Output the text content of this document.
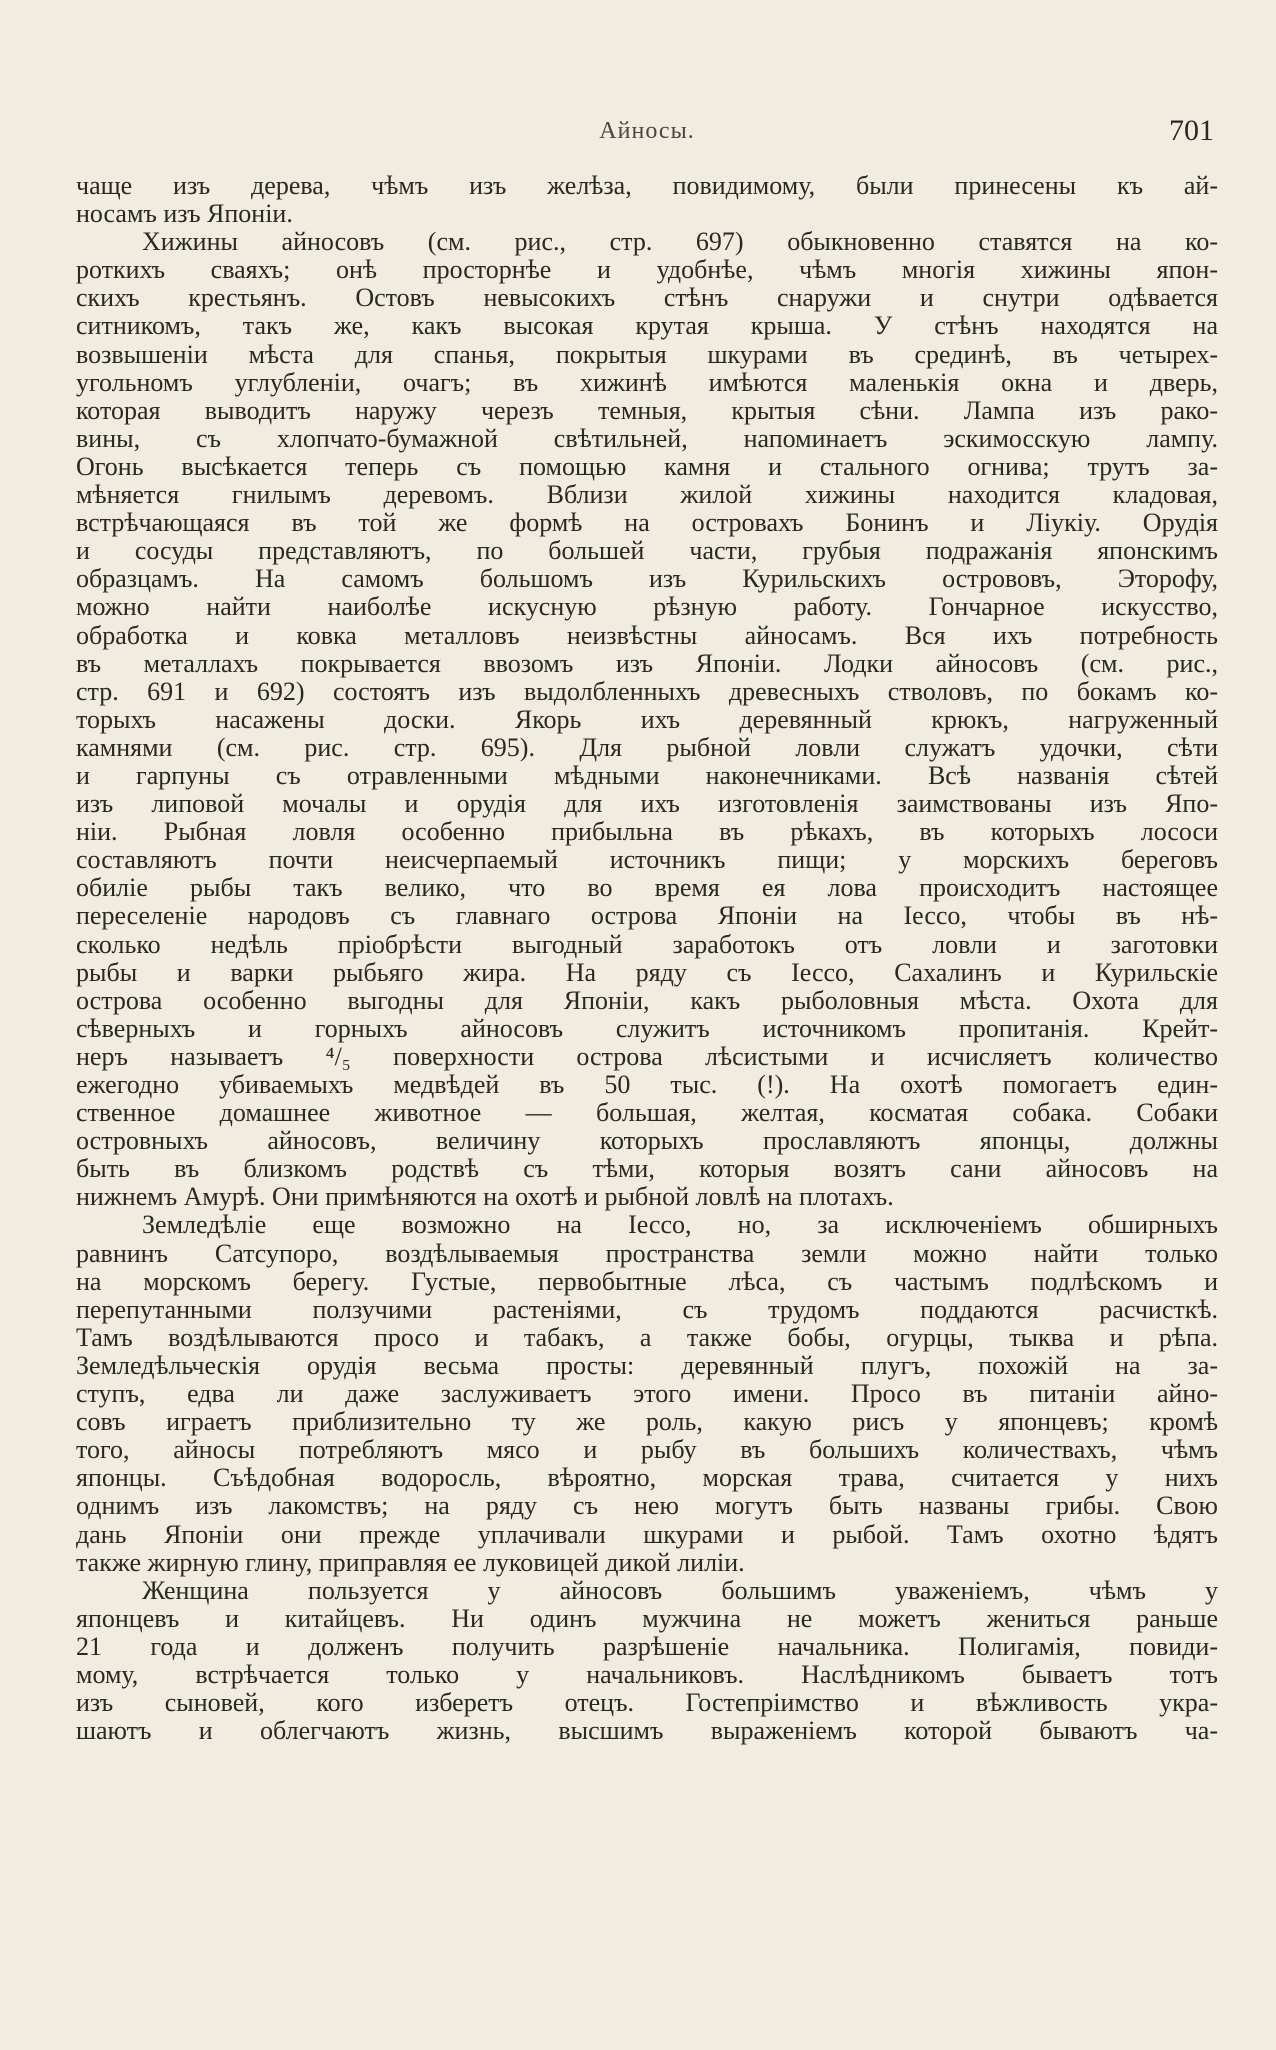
Айносы.	701
чаще изъ дерева, чѣмъ изъ желѣза, повидимому, были принесены къ ай-
носамъ изъ Японіи.
Хижины айносовъ (см. рис., стр. 697) обыкновенно ставятся на ко-
роткихъ сваяхъ; онѣ просторнѣе и удобнѣе, чѣмъ многія хижины япон-
скихъ крестьянъ. Остовъ невысокихъ стѣнъ снаружи и снутри одѣвается
ситникомъ, такъ же, какъ высокая крутая крыша. У стѣнъ находятся на
возвышеніи мѣста для спанья, покрытыя шкурами въ срединѣ, въ четырех-
угольномъ углубленіи, очагъ; въ хижинѣ имѣются маленькія окна и дверь,
которая выводитъ наружу черезъ темныя, крытыя сѣни. Лампа изъ рако-
вины, съ хлопчато-бумажной свѣтильней, напоминаетъ эскимосскую лампу.
Огонь высѣкается теперь съ помощью камня и стального огнива; трутъ за-
мѣняется гнилымъ деревомъ. Вблизи жилой хижины находится кладовая,
встрѣчающаяся въ той же формѣ на островахъ Бонинъ и Ліукіу. Орудія
и сосуды представляютъ, по большей части, грубыя подражанія японскимъ
образцамъ. На самомъ большомъ изъ Курильскихъ острововъ, Эторофу,
можно найти наиболѣе искусную рѣзную работу. Гончарное искусство,
обработка и ковка металловъ неизвѣстны айносамъ. Вся ихъ потребность
въ металлахъ покрывается ввозомъ изъ Японіи. Лодки айносовъ (см. рис.,
стр. 691 и 692) состоятъ изъ выдолбленныхъ древесныхъ стволовъ, по бокамъ ко-
торыхъ насажены доски. Якорь ихъ деревянный крюкъ, нагруженный
камнями (см. рис. стр. 695). Для рыбной ловли служатъ удочки, сѣти
и гарпуны съ отравленными мѣдными наконечниками. Всѣ названія сѣтей
изъ липовой мочалы и орудія для ихъ изготовленія заимствованы изъ Япо-
ніи. Рыбная ловля особенно прибыльна въ рѣкахъ, въ которыхъ лососи
составляютъ почти неисчерпаемый источникъ пищи; у морскихъ береговъ
обиліе рыбы такъ велико, что во время ея лова происходитъ настоящее
переселеніе народовъ съ главнаго острова Японіи на Іессо, чтобы въ нѣ-
сколько недѣль пріобрѣсти выгодный заработокъ отъ ловли и заготовки
рыбы и варки рыбьяго жира. На ряду съ Іессо, Сахалинъ и Курильскіе
острова особенно выгодны для Японіи, какъ рыболовныя мѣста. Охота для
сѣверныхъ и горныхъ айносовъ служитъ источникомъ пропитанія. Крейт-
неръ называетъ ⁴/₅ поверхности острова лѣсистыми и исчисляетъ количество
ежегодно убиваемыхъ медвѣдей въ 50 тыс. (!). На охотѣ помогаетъ един-
ственное домашнее животное — большая, желтая, косматая собака. Собаки
островныхъ айносовъ, величину которыхъ прославляютъ японцы, должны
быть въ близкомъ родствѣ съ тѣми, которыя возятъ сани айносовъ на
нижнемъ Амурѣ. Они примѣняются на охотѣ и рыбной ловлѣ на плотахъ.
Земледѣліе еще возможно на Іессо, но, за исключеніемъ обширныхъ
равнинъ Сатсупоро, воздѣлываемыя пространства земли можно найти только
на морскомъ берегу. Густые, первобытные лѣса, съ частымъ подлѣскомъ и
перепутанными ползучими растеніями, съ трудомъ поддаются расчисткѣ.
Тамъ воздѣлываются просо и табакъ, а также бобы, огурцы, тыква и рѣпа.
Земледѣльческія орудія весьма просты: деревянный плугъ, похожій на за-
ступъ, едва ли даже заслуживаетъ этого имени. Просо въ питаніи айно-
совъ играетъ приблизительно ту же роль, какую рисъ у японцевъ; кромѣ
того, айносы потребляютъ мясо и рыбу въ большихъ количествахъ, чѣмъ
японцы. Съѣдобная водоросль, вѣроятно, морская трава, считается у нихъ
однимъ изъ лакомствъ; на ряду съ нею могутъ быть названы грибы. Свою
дань Японіи они прежде уплачивали шкурами и рыбой. Тамъ охотно ѣдятъ
также жирную глину, приправляя ее луковицей дикой лиліи.
Женщина пользуется у айносовъ большимъ уваженіемъ, чѣмъ у
японцевъ и китайцевъ. Ни одинъ мужчина не можетъ жениться раньше
21 года и долженъ получить разрѣшеніе начальника. Полигамія, повиди-
мому, встрѣчается только у начальниковъ. Наслѣдникомъ бываетъ тотъ
изъ сыновей, кого изберетъ отецъ. Гостепріимство и вѣжливость укра-
шаютъ и облегчаютъ жизнь, высшимъ выраженіемъ которой бываютъ ча-
